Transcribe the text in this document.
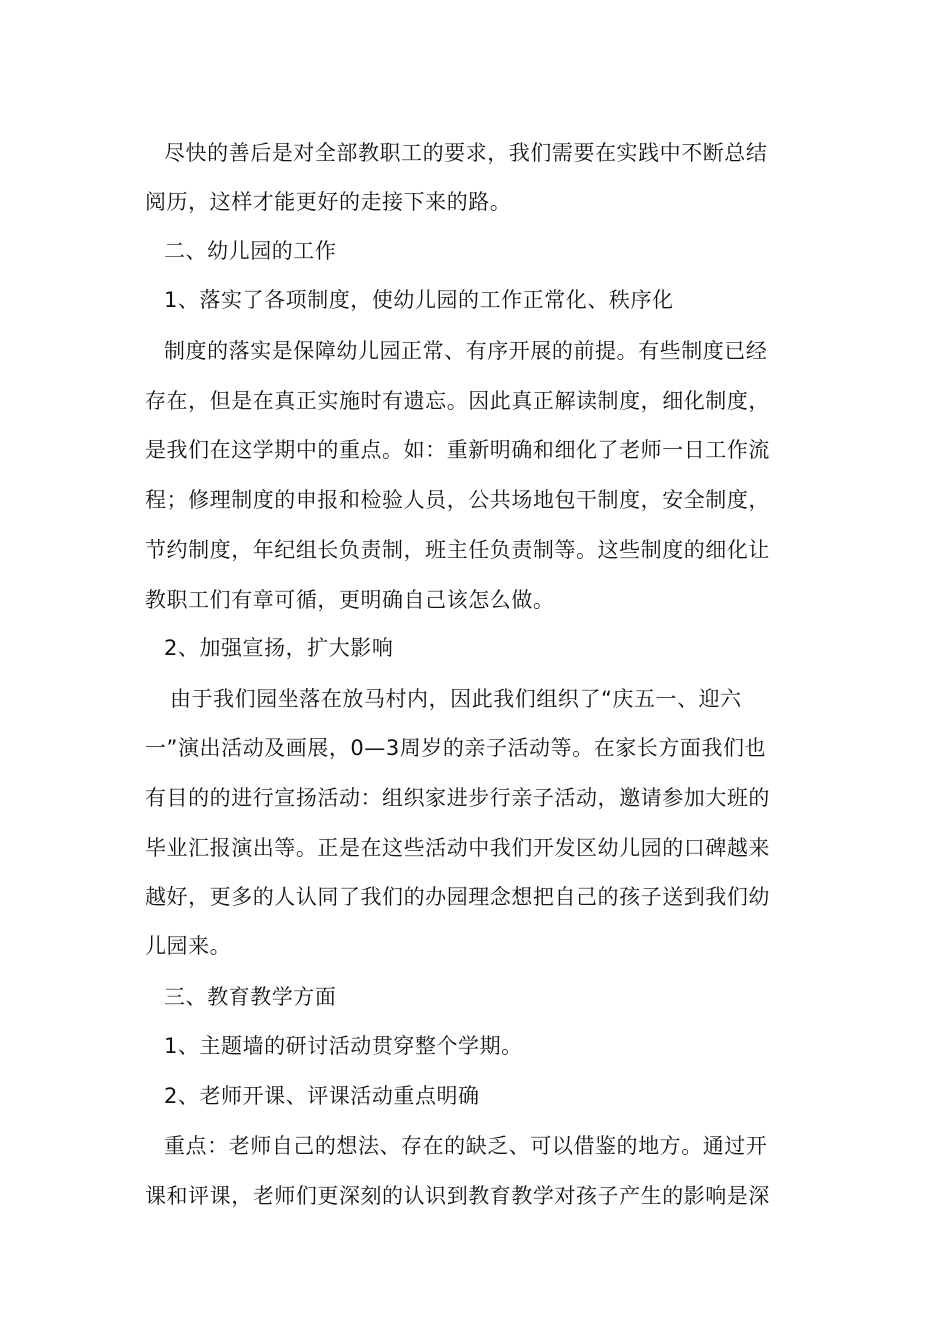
尽快的善后是对全部教职工的要求，我们需要在实践中不断总结
阅历，这样才能更好的走接下来的路。
二、幼儿园的工作
1、落实了各项制度，使幼儿园的工作正常化、秩序化
制度的落实是保障幼儿园正常、有序开展的前提。有些制度已经
存在，但是在真正实施时有遗忘。因此真正解读制度，细化制度，
是我们在这学期中的重点。如：重新明确和细化了老师一日工作流
程；修理制度的申报和检验人员，公共场地包干制度，安全制度，
节约制度，年纪组长负责制，班主任负责制等。这些制度的细化让
教职工们有章可循，更明确自己该怎么做。
2、加强宣扬，扩大影响
由于我们园坐落在放马村内，因此我们组织了“庆五一、迎六
一”演出活动及画展，0—3周岁的亲子活动等。在家长方面我们也
有目的的进行宣扬活动：组织家进步行亲子活动，邀请参加大班的
毕业汇报演出等。正是在这些活动中我们开发区幼儿园的口碑越来
越好，更多的人认同了我们的办园理念想把自己的孩子送到我们幼
儿园来。
三、教育教学方面
1、主题墙的研讨活动贯穿整个学期。
2、老师开课、评课活动重点明确
重点：老师自己的想法、存在的缺乏、可以借鉴的地方。通过开
课和评课，老师们更深刻的认识到教育教学对孩子产生的影响是深
